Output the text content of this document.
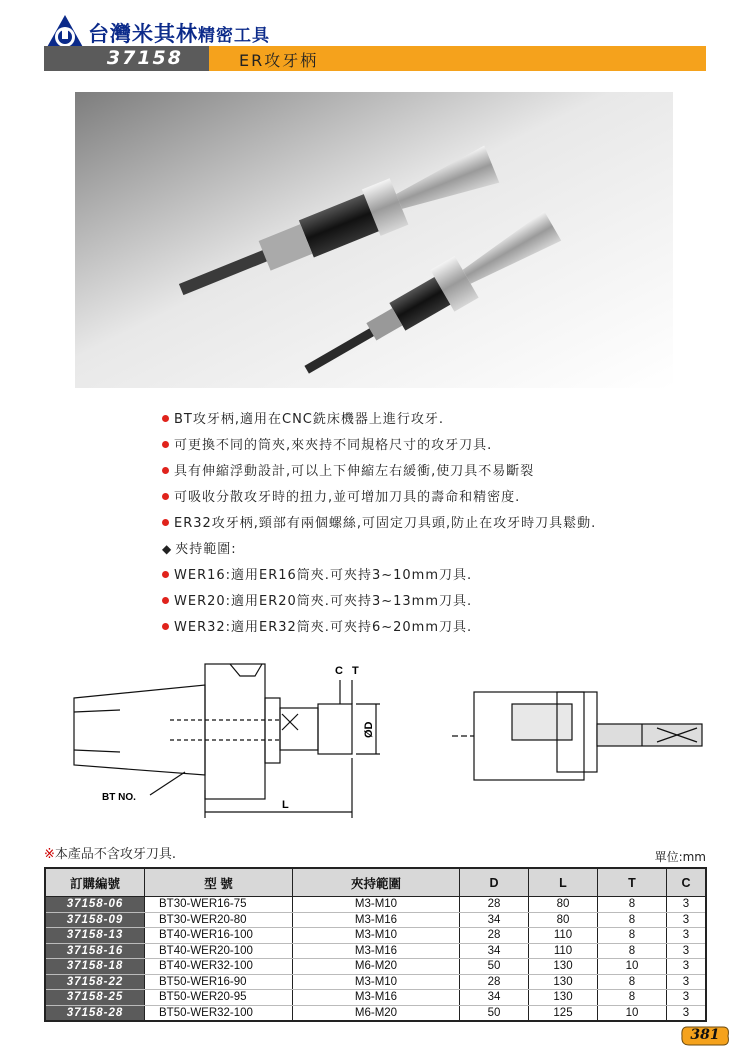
台灣米其林精密工具
37158	ER攻牙柄
BT攻牙柄,適用在CNC銑床機器上進行攻牙.
可更換不同的筒夾,來夾持不同規格尺寸的攻牙刀具.
具有伸縮浮動設計,可以上下伸縮左右緩衝,使刀具不易斷裂
可吸收分散攻牙時的扭力,並可增加刀具的壽命和精密度.
ER32攻牙柄,頸部有兩個螺絲,可固定刀具頭,防止在攻牙時刀具鬆動.
◆ 夾持範圍:
WER16:適用ER16筒夾.可夾持3~10mm刀具.
WER20:適用ER20筒夾.可夾持3~13mm刀具.
WER32:適用ER32筒夾.可夾持6~20mm刀具.
C T
ØD
L
BT NO.
※本產品不含攻牙刀具.	單位:mm
訂購編號	型 號	夾持範圍	D	L	T	C
37158-06	BT30-WER16-75	M3-M10	28	80	8	3
37158-09	BT30-WER20-80	M3-M16	34	80	8	3
37158-13	BT40-WER16-100	M3-M10	28	110	8	3
37158-16	BT40-WER20-100	M3-M16	34	110	8	3
37158-18	BT40-WER32-100	M6-M20	50	130	10	3
37158-22	BT50-WER16-90	M3-M10	28	130	8	3
37158-25	BT50-WER20-95	M3-M16	34	130	8	3
37158-28	BT50-WER32-100	M6-M20	50	125	10	3
381
